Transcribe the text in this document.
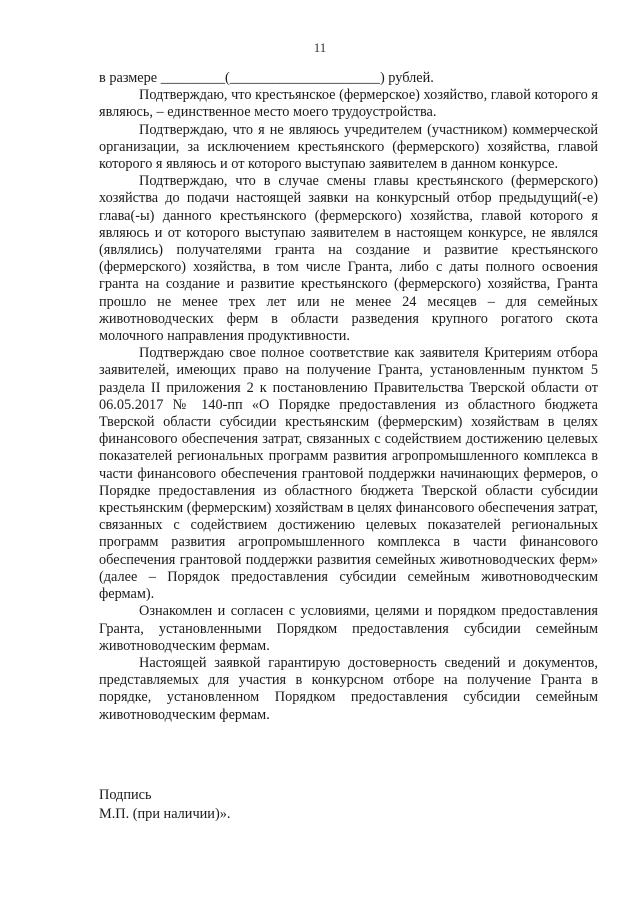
11

в размере _________(_____________________) рублей.

Подтверждаю, что крестьянское (фермерское) хозяйство, главой которого я являюсь, – единственное место моего трудоустройства.

Подтверждаю, что я не являюсь учредителем (участником) коммерческой организации, за исключением крестьянского (фермерского) хозяйства, главой которого я являюсь и от которого выступаю заявителем в данном конкурсе.

Подтверждаю, что в случае смены главы крестьянского (фермерского) хозяйства до подачи настоящей заявки на конкурсный отбор предыдущий(-е) глава(-ы) данного крестьянского (фермерского) хозяйства, главой которого я являюсь и от которого выступаю заявителем в настоящем конкурсе, не являлся (являлись) получателями гранта на создание и развитие крестьянского (фермерского) хозяйства, в том числе Гранта, либо с даты полного освоения гранта на создание и развитие крестьянского (фермерского) хозяйства, Гранта прошло не менее трех лет или не менее 24 месяцев – для семейных животноводческих ферм в области разведения крупного рогатого скота молочного направления продуктивности.

Подтверждаю свое полное соответствие как заявителя Критериям отбора заявителей, имеющих право на получение Гранта, установленным пунктом 5 раздела II приложения 2 к постановлению Правительства Тверской области от 06.05.2017 № 140-пп «О Порядке предоставления из областного бюджета Тверской области субсидии крестьянским (фермерским) хозяйствам в целях финансового обеспечения затрат, связанных с содействием достижению целевых показателей региональных программ развития агропромышленного комплекса в части финансового обеспечения грантовой поддержки начинающих фермеров, о Порядке предоставления из областного бюджета Тверской области субсидии крестьянским (фермерским) хозяйствам в целях финансового обеспечения затрат, связанных с содействием достижению целевых показателей региональных программ развития агропромышленного комплекса в части финансового обеспечения грантовой поддержки развития семейных животноводческих ферм» (далее – Порядок предоставления субсидии семейным животноводческим фермам).

Ознакомлен и согласен с условиями, целями и порядком предоставления Гранта, установленными Порядком предоставления субсидии семейным животноводческим фермам.

Настоящей заявкой гарантирую достоверность сведений и документов, представляемых для участия в конкурсном отборе на получение Гранта в порядке, установленном Порядком предоставления субсидии семейным животноводческим фермам.

Подпись
М.П. (при наличии)».
